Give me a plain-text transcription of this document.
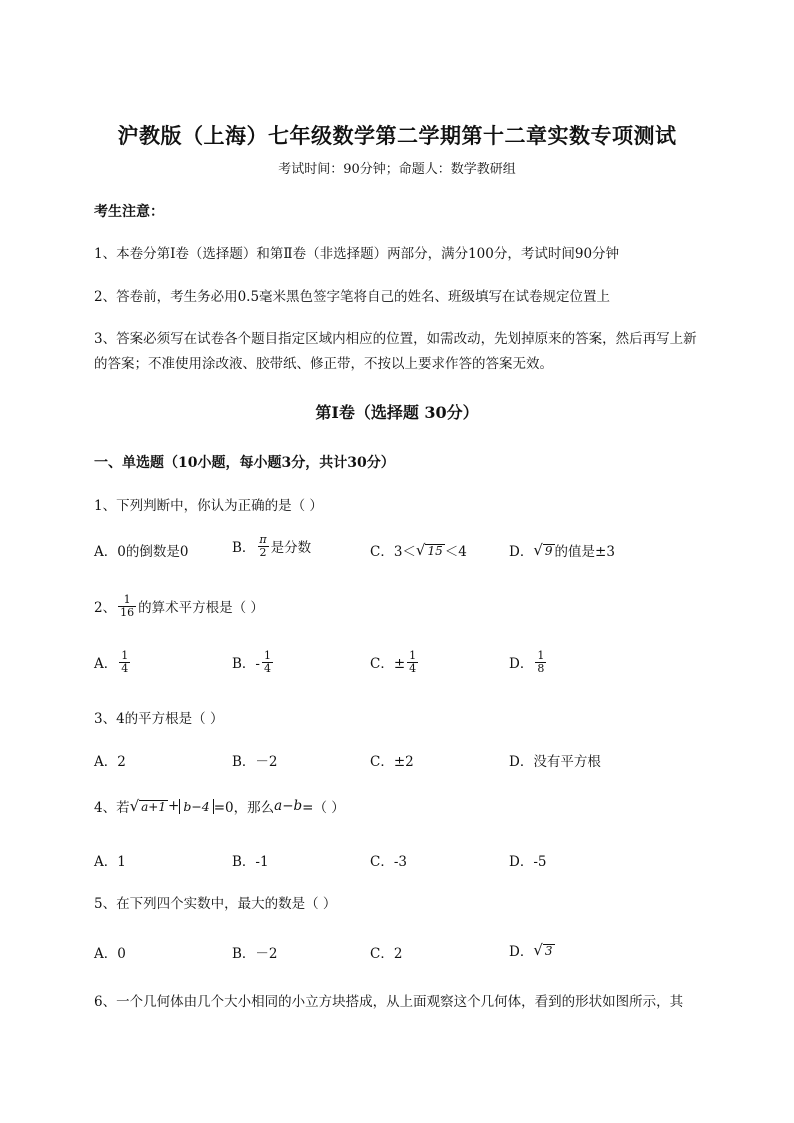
沪教版（上海）七年级数学第二学期第十二章实数专项测试
考试时间：90分钟；命题人：数学教研组
考生注意：
1、本卷分第I卷（选择题）和第Ⅱ卷（非选择题）两部分，满分100分，考试时间90分钟
2、答卷前，考生务必用0.5毫米黑色签字笔将自己的姓名、班级填写在试卷规定位置上
3、答案必须写在试卷各个题目指定区域内相应的位置，如需改动，先划掉原来的答案，然后再写上新
的答案；不准使用涂改液、胶带纸、修正带，不按以上要求作答的答案无效。
第I卷（选择题 30分）
一、单选题（10小题，每小题3分，共计30分）
1、下列判断中，你认为正确的是（ ）
A．0的倒数是0	B． $\frac{\pi}{2}$ 是分数	C．3＜ √ 15 ＜4	D． √ 9 的值是±3
2、 $\frac{1}{16}$ 的算术平方根是（ ）
A． $\frac{1}{4}$	B．- $\frac{1}{4}$	C．± $\frac{1}{4}$	D． $\frac{1}{8}$
3、4的平方根是（ ）
A．2	B．－2	C．±2	D．没有平方根
4、若 √ a+1 + b−4 =0，那么 a−b =（ ）
A．1	B．-1	C．-3	D．-5
5、在下列四个实数中，最大的数是（ ）
A．0	B．－2	C．2	D． √ 3
6、一个几何体由几个大小相同的小立方块搭成，从上面观察这个几何体，看到的形状如图所示，其
